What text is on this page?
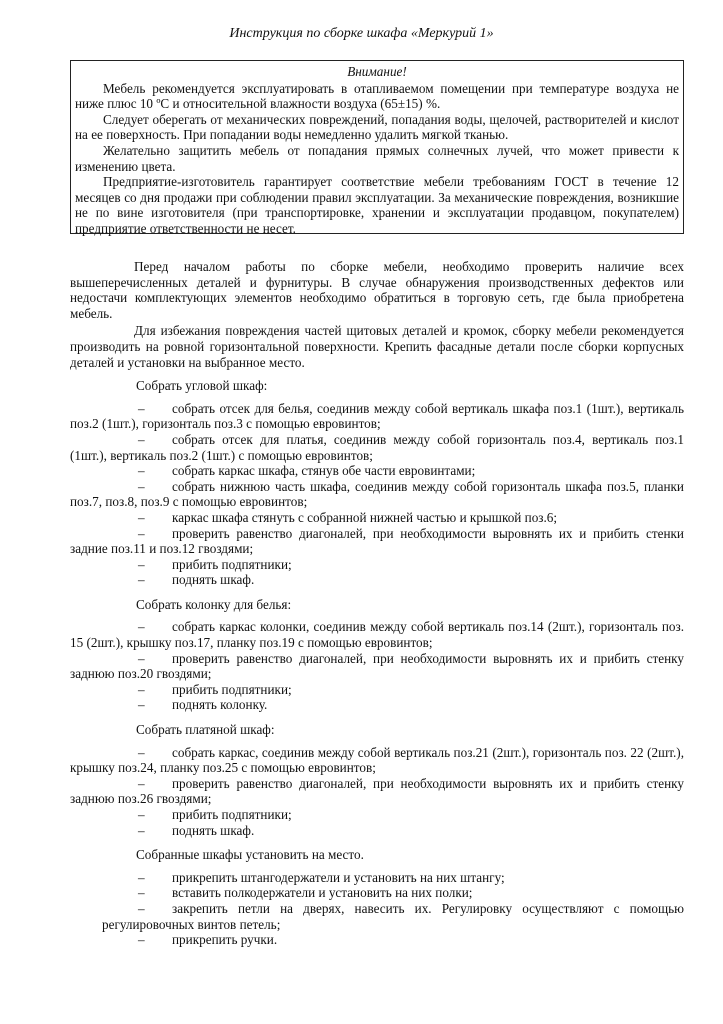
Инструкция по сборке шкафа «Меркурий 1»
Внимание!

Мебель рекомендуется эксплуатировать в отапливаемом помещении при температуре воздуха не ниже плюс 10 ºС и относительной влажности воздуха (65±15) %.

Следует оберегать от механических повреждений, попадания воды, щелочей, растворителей и кислот на ее поверхность. При попадании воды немедленно удалить мягкой тканью.

Желательно защитить мебель от попадания прямых солнечных лучей, что может привести к изменению цвета.

Предприятие-изготовитель гарантирует соответствие мебели требованиям ГОСТ в течение 12 месяцев со дня продажи при соблюдении правил эксплуатации. За механические повреждения, возникшие не по вине изготовителя (при транспортировке, хранении и эксплуатации продавцом, покупателем) предприятие ответственности не несет.

Перед началом работы по сборке мебели, необходимо проверить наличие всех вышеперечисленных деталей и фурнитуры. В случае обнаружения производственных дефектов или недостачи комплектующих элементов необходимо обратиться в торговую сеть, где была приобретена мебель.

Для избежания повреждения частей щитовых деталей и кромок, сборку мебели рекомендуется производить на ровной горизонтальной поверхности. Крепить фасадные детали после сборки корпусных деталей и установки на выбранное место.

Собрать угловой шкаф:
–	собрать отсек для белья, соединив между собой вертикаль шкафа поз.1 (1шт.), вертикаль поз.2 (1шт.), горизонталь поз.3 с помощью евровинтов;
–	собрать отсек для платья, соединив между собой горизонталь поз.4, вертикаль поз.1 (1шт.), вертикаль поз.2 (1шт.) с помощью евровинтов;
–	собрать каркас шкафа, стянув обе части евровинтами;
–	собрать нижнюю часть шкафа, соединив между собой горизонталь шкафа поз.5, планки поз.7, поз.8, поз.9 с помощью евровинтов;
–	каркас шкафа стянуть с собранной нижней частью и крышкой поз.6;
–	проверить равенство диагоналей, при необходимости выровнять их и прибить стенки задние поз.11 и поз.12 гвоздями;
–	прибить подпятники;
–	поднять шкаф.
Собрать колонку для белья:
–	собрать каркас колонки, соединив между собой вертикаль поз.14 (2шт.), горизонталь поз. 15 (2шт.), крышку поз.17, планку поз.19 с помощью евровинтов;
–	проверить равенство диагоналей, при необходимости выровнять их и прибить стенку заднюю поз.20 гвоздями;
–	прибить подпятники;
–	поднять колонку.
Собрать платяной шкаф:
–	собрать каркас, соединив между собой вертикаль поз.21 (2шт.), горизонталь поз. 22 (2шт.), крышку поз.24, планку поз.25 с помощью евровинтов;
–	проверить равенство диагоналей, при необходимости выровнять их и прибить стенку заднюю поз.26 гвоздями;
–	прибить подпятники;
–	поднять шкаф.
Собранные шкафы установить на место.
–	прикрепить штангодержатели и установить на них штангу;
–	вставить полкодержатели и установить на них полки;
–	закрепить петли на дверях, навесить их. Регулировку осуществляют с помощью регулировочных винтов петель;
–	прикрепить ручки.
